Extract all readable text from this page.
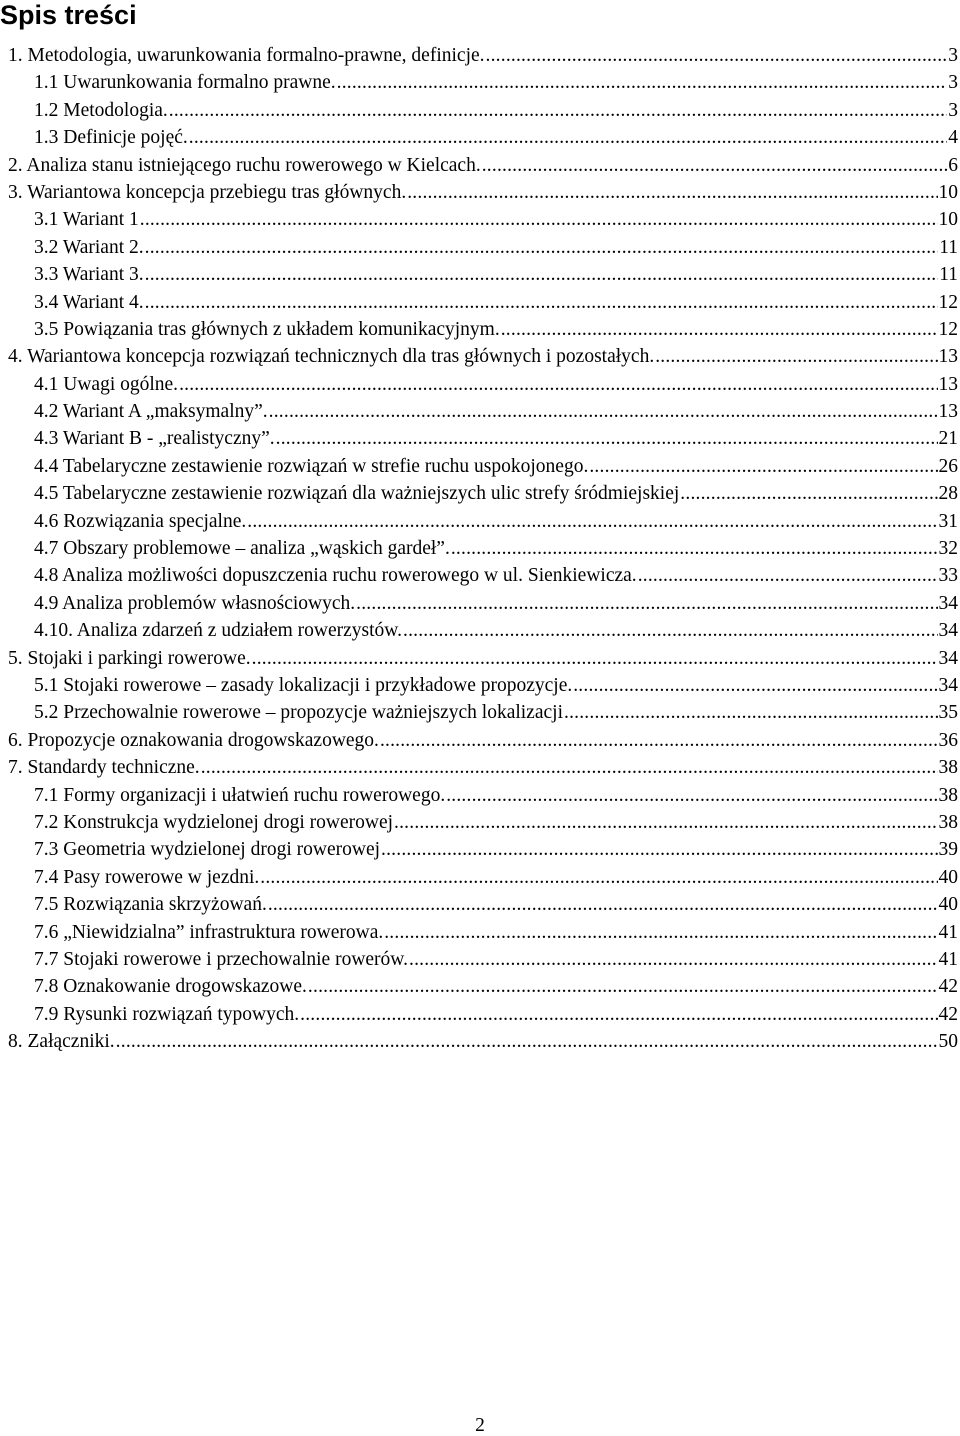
Spis treści
1. Metodologia, uwarunkowania formalno-prawne, definicje. .....	3
1.1 Uwarunkowania formalno prawne. .....	3
1.2 Metodologia. .....	3
1.3 Definicje pojęć. .....	4
2. Analiza stanu istniejącego ruchu rowerowego w Kielcach. .....	6
3. Wariantowa koncepcja przebiegu tras głównych. .....	10
3.1 Wariant 1 .....	10
3.2 Wariant 2. .....	11
3.3 Wariant 3. .....	11
3.4 Wariant 4. .....	12
3.5 Powiązania tras głównych z układem komunikacyjnym. .....	12
4. Wariantowa koncepcja rozwiązań technicznych dla tras głównych i pozostałych. .....	13
4.1 Uwagi ogólne. .....	13
4.2 Wariant A „maksymalny”. .....	13
4.3 Wariant B - „realistyczny”. .....	21
4.4 Tabelaryczne zestawienie rozwiązań w strefie ruchu uspokojonego. .....	26
4.5 Tabelaryczne zestawienie rozwiązań dla ważniejszych ulic strefy śródmiejskiej .....	28
4.6 Rozwiązania specjalne. .....	31
4.7 Obszary problemowe – analiza „wąskich gardeł”. .....	32
4.8 Analiza możliwości dopuszczenia ruchu rowerowego w ul. Sienkiewicza. .....	33
4.9 Analiza problemów własnościowych. .....	34
4.10. Analiza zdarzeń z udziałem rowerzystów. .....	34
5. Stojaki i parkingi rowerowe. .....	34
5.1 Stojaki rowerowe – zasady lokalizacji i przykładowe propozycje. .....	34
5.2 Przechowalnie rowerowe – propozycje ważniejszych lokalizacji .....	35
6. Propozycje oznakowania drogowskazowego. .....	36
7. Standardy techniczne. .....	38
7.1 Formy organizacji i ułatwień ruchu rowerowego. .....	38
7.2 Konstrukcja wydzielonej drogi rowerowej .....	38
7.3 Geometria wydzielonej drogi rowerowej .....	39
7.4 Pasy rowerowe w jezdni. .....	40
7.5 Rozwiązania skrzyżowań. .....	40
7.6 „Niewidzialna” infrastruktura rowerowa. .....	41
7.7 Stojaki rowerowe i przechowalnie rowerów. .....	41
7.8 Oznakowanie drogowskazowe. .....	42
7.9 Rysunki rozwiązań typowych. .....	42
8. Załączniki. .....	50
2
